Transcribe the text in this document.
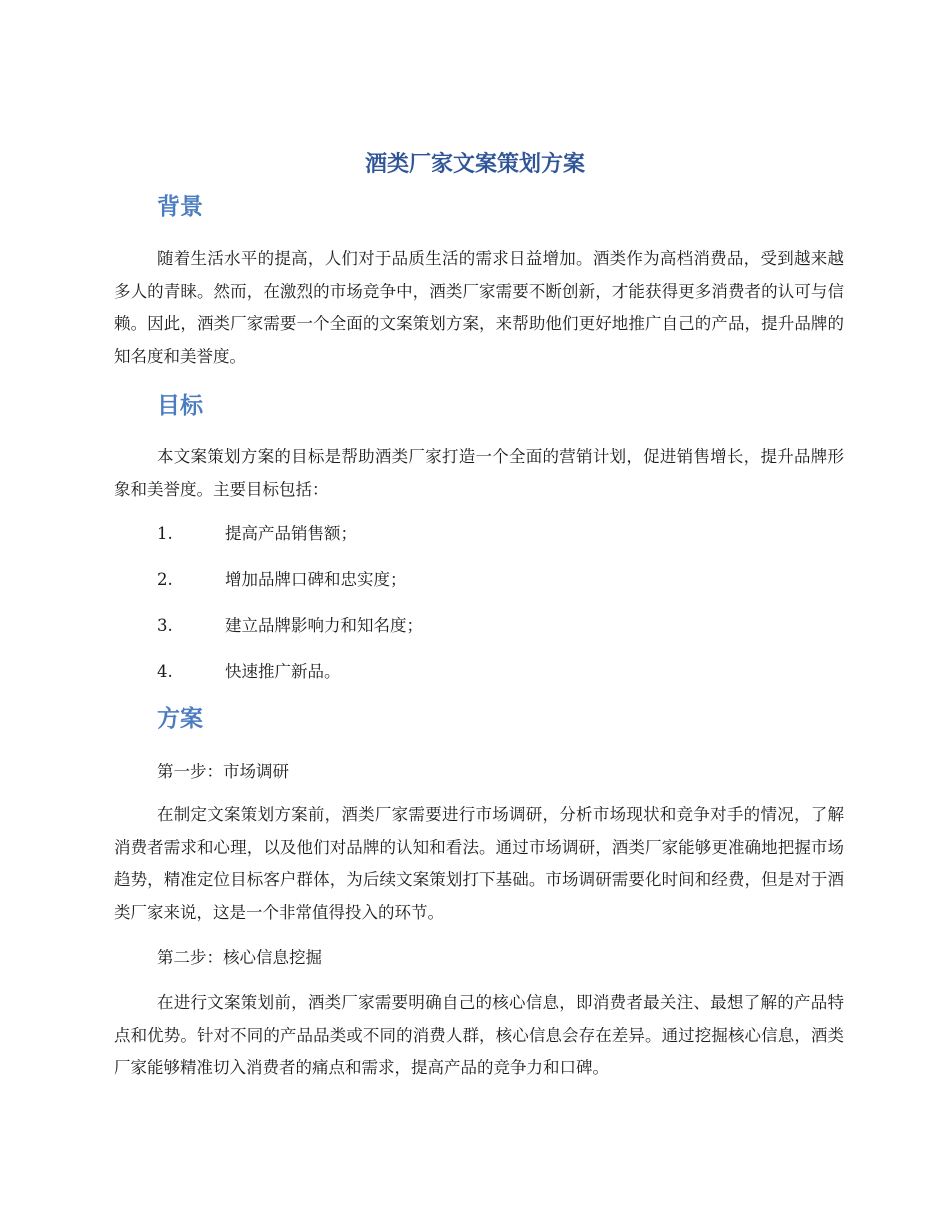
酒类厂家文案策划方案
背景

随着生活水平的提高，人们对于品质生活的需求日益增加。酒类作为高档消费品，受到越来越多人的青睐。然而，在激烈的市场竞争中，酒类厂家需要不断创新，才能获得更多消费者的认可与信赖。因此，酒类厂家需要一个全面的文案策划方案，来帮助他们更好地推广自己的产品，提升品牌的知名度和美誉度。

目标

本文案策划方案的目标是帮助酒类厂家打造一个全面的营销计划，促进销售增长，提升品牌形象和美誉度。主要目标包括：

1.	提高产品销售额；
2.	增加品牌口碑和忠实度；
3.	建立品牌影响力和知名度；
4.	快速推广新品。
方案

第一步：市场调研

在制定文案策划方案前，酒类厂家需要进行市场调研，分析市场现状和竞争对手的情况，了解消费者需求和心理，以及他们对品牌的认知和看法。通过市场调研，酒类厂家能够更准确地把握市场趋势，精准定位目标客户群体，为后续文案策划打下基础。市场调研需要化时间和经费，但是对于酒类厂家来说，这是一个非常值得投入的环节。

第二步：核心信息挖掘

在进行文案策划前，酒类厂家需要明确自己的核心信息，即消费者最关注、最想了解的产品特点和优势。针对不同的产品品类或不同的消费人群，核心信息会存在差异。通过挖掘核心信息，酒类厂家能够精准切入消费者的痛点和需求，提高产品的竞争力和口碑。
